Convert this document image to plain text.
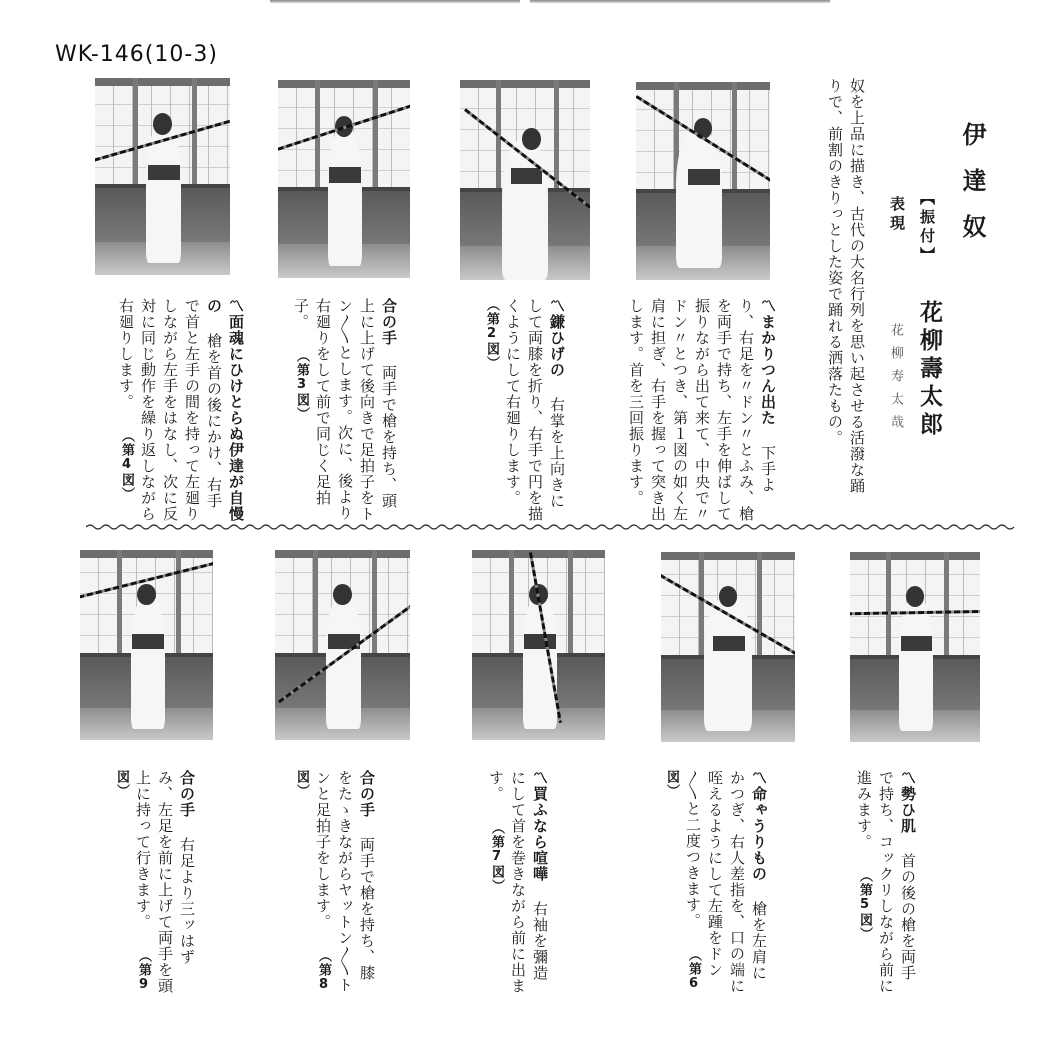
WK-146(10-3)
伊達奴
【振付】
花柳壽太郎
表現
花柳寿太哉
奴を上品に描き、古代の大名行列を思い起させる活潑な踊りで、前割のきりっとした姿で踊れる洒落たもの。
〽まかりつん出た 下手より、右足を〃ドン〃とふみ、槍を両手で持ち、左手を伸ばして振りながら出て来て、中央で〃ドン〃とつき、第１図の如く左肩に担ぎ、右手を握って突き出します。首を三回振ります。
〽鎌ひげの 右掌を上向きにして両膝を折り、右手で円を描くようにして右廻りします。 （第2図）
合の手 両手で槍を持ち、頭上に上げて後向きで足拍子をトン〳〵とします。次に、後より右廻りをして前で同じく足拍子。 （第3図）
〽面魂にひけとらぬ伊達が自慢の 槍を首の後にかけ、右手で首と左手の間を持って左廻りしながら左手をはなし、次に反対に同じ動作を繰り返しながら右廻りします。 （第4図）
〽勢ひ肌 首の後の槍を両手で持ち、コックリしながら前に進みます。 （第5図）
〽命ゃうりもの 槍を左肩にかつぎ、右人差指を、口の端に咥えるようにして左踵をドン〳〵と二度つきます。 （第6図）
〽買ふなら喧嘩 右袖を彌造にして首を巻きながら前に出ます。 （第7図）
合の手 両手で槍を持ち、膝をたゝきながらヤットン〳〵トンと足拍子をします。 （第8図）
合の手 右足より三ッはずみ、左足を前に上げて両手を頭上に持って行きます。 （第9図）
